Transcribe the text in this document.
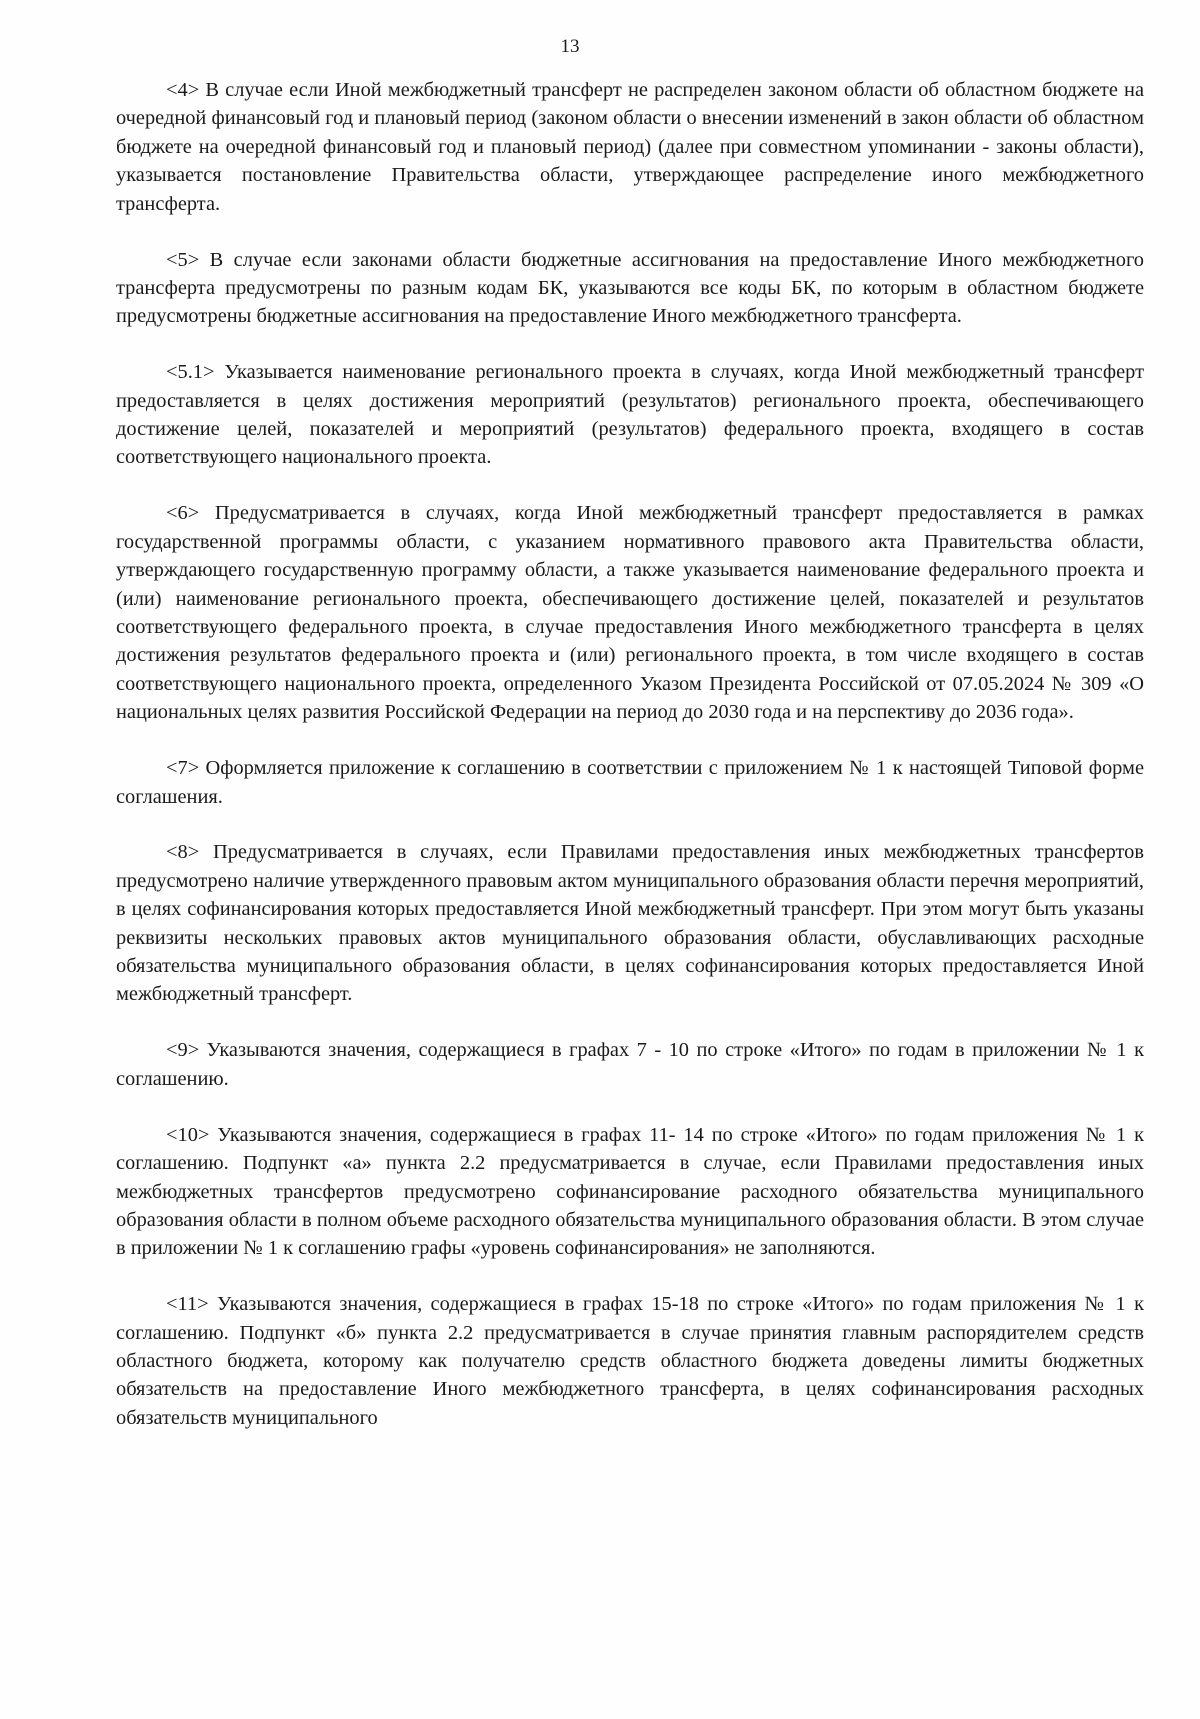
13

<4> В случае если Иной межбюджетный трансферт не распределен законом области об областном бюджете на очередной финансовый год и плановый период (законом области о внесении изменений в закон области об областном бюджете на очередной финансовый год и плановый период) (далее при совместном упоминании - законы области), указывается постановление Правительства области, утверждающее распределение иного межбюджетного трансферта.

<5> В случае если законами области бюджетные ассигнования на предоставление Иного межбюджетного трансферта предусмотрены по разным кодам БК, указываются все коды БК, по которым в областном бюджете предусмотрены бюджетные ассигнования на предоставление Иного межбюджетного трансферта.

<5.1> Указывается наименование регионального проекта в случаях, когда Иной межбюджетный трансферт предоставляется в целях достижения мероприятий (результатов) регионального проекта, обеспечивающего достижение целей, показателей и мероприятий (результатов) федерального проекта, входящего в состав соответствующего национального проекта.

<6> Предусматривается в случаях, когда Иной межбюджетный трансферт предоставляется в рамках государственной программы области, с указанием нормативного правового акта Правительства области, утверждающего государственную программу области, а также указывается наименование федерального проекта и (или) наименование регионального проекта, обеспечивающего достижение целей, показателей и результатов соответствующего федерального проекта, в случае предоставления Иного межбюджетного трансферта в целях достижения результатов федерального проекта и (или) регионального проекта, в том числе входящего в состав соответствующего национального проекта, определенного Указом Президента Российской от 07.05.2024 № 309 «О национальных целях развития Российской Федерации на период до 2030 года и на перспективу до 2036 года».

<7> Оформляется приложение к соглашению в соответствии с приложением № 1 к настоящей Типовой форме соглашения.

<8> Предусматривается в случаях, если Правилами предоставления иных межбюджетных трансфертов предусмотрено наличие утвержденного правовым актом муниципального образования области перечня мероприятий, в целях софинансирования которых предоставляется Иной межбюджетный трансферт. При этом могут быть указаны реквизиты нескольких правовых актов муниципального образования области, обуславливающих расходные обязательства муниципального образования области, в целях софинансирования которых предоставляется Иной межбюджетный трансферт.

<9> Указываются значения, содержащиеся в графах 7 - 10 по строке «Итого» по годам в приложении № 1 к соглашению.

<10> Указываются значения, содержащиеся в графах 11- 14 по строке «Итого» по годам приложения № 1 к соглашению. Подпункт «а» пункта 2.2 предусматривается в случае, если Правилами предоставления иных межбюджетных трансфертов предусмотрено софинансирование расходного обязательства муниципального образования области в полном объеме расходного обязательства муниципального образования области. В этом случае в приложении № 1 к соглашению графы «уровень софинансирования» не заполняются.

<11> Указываются значения, содержащиеся в графах 15-18 по строке «Итого» по годам приложения № 1 к соглашению. Подпункт «б» пункта 2.2 предусматривается в случае принятия главным распорядителем средств областного бюджета, которому как получателю средств областного бюджета доведены лимиты бюджетных обязательств на предоставление Иного межбюджетного трансферта, в целях софинансирования расходных обязательств муниципального
